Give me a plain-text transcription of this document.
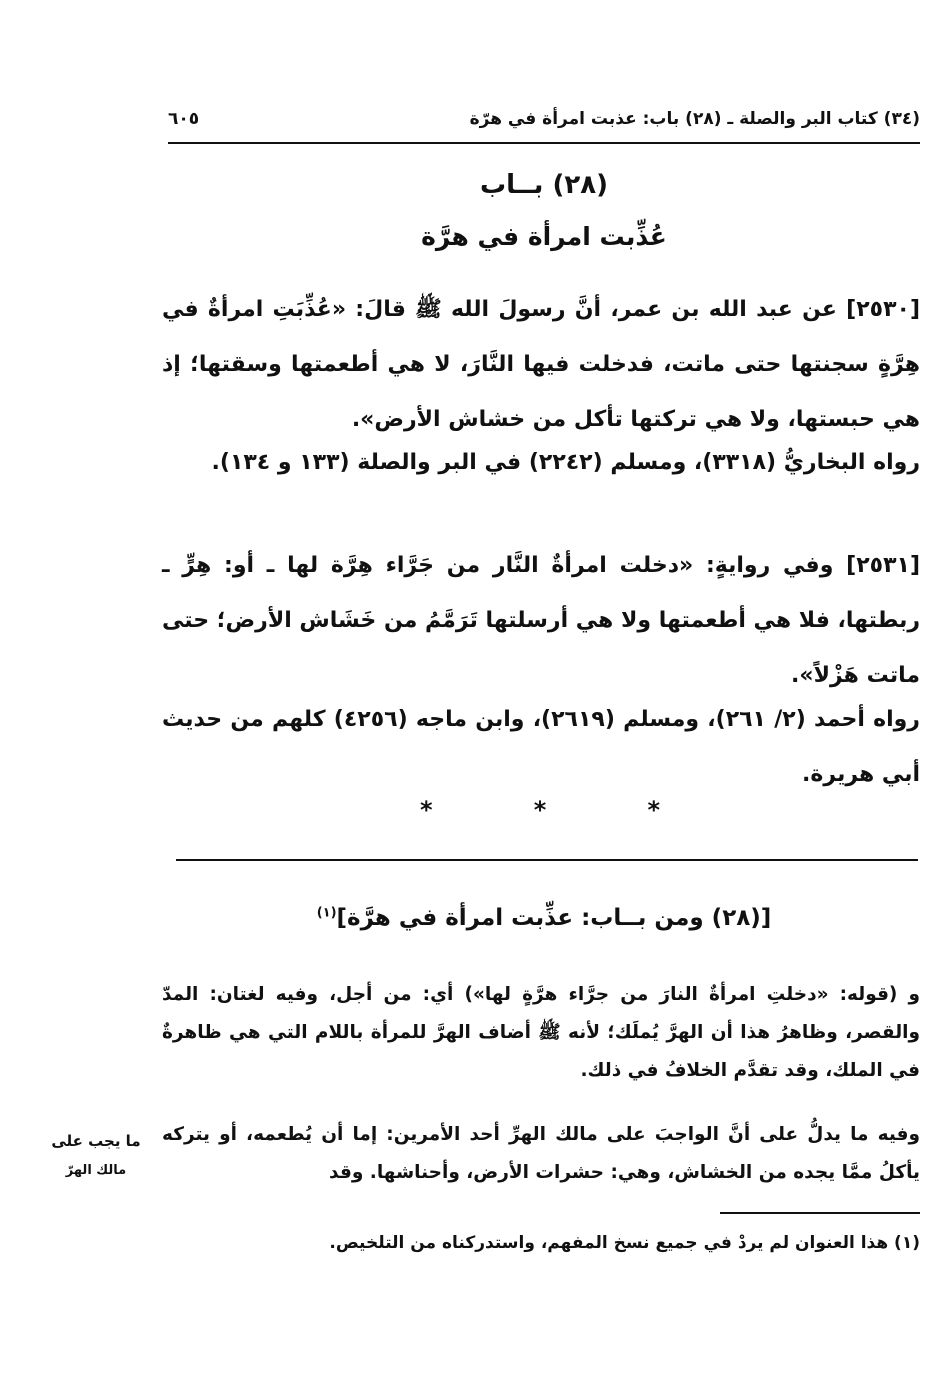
(٣٤) كتاب البر والصلة ـ (٢٨) باب: عذبت امرأة في هرّة
٦٠٥
(٢٨) بــاب
عُذِّبت امرأة في هرَّة

[٢٥٣٠] عن عبد الله بن عمر، أنَّ رسولَ الله ﷺ قالَ: «عُذِّبَتِ امرأةٌ في هِرَّةٍ سجنتها حتى ماتت، فدخلت فيها النَّارَ، لا هي أطعمتها وسقتها؛ إذ هي حبستها، ولا هي تركتها تأكل من خشاش الأرض».

رواه البخاريُّ (٣٣١٨)، ومسلم (٢٢٤٢) في البر والصلة (١٣٣ و ١٣٤).

[٢٥٣١] وفي روايةٍ: «دخلت امرأةٌ النَّار من جَرَّاء هِرَّة لها ـ أو: هِرٍّ ـ ربطتها، فلا هي أطعمتها ولا هي أرسلتها تَرَمَّمُ من خَشَاش الأرض؛ حتى ماتت هَزْلاً».

رواه أحمد (٢/ ٢٦١)، ومسلم (٢٦١٩)، وابن ماجه (٤٢٥٦) كلهم من حديث أبي هريرة.

*
*
*
[(٢٨) ومن بــاب: عذِّبت امرأة في هرَّة]$^{(١)}$

و (قوله: «دخلتِ امرأةٌ النارَ من جرَّاء هرَّةٍ لها») أي: من أجل، وفيه لغتان: المدّ والقصر، وظاهرُ هذا أن الهرَّ يُملَك؛ لأنه ﷺ أضاف الهرَّ للمرأة باللام التي هي ظاهرةٌ في الملك، وقد تقدَّم الخلافُ في ذلك.

وفيه ما يدلُّ على أنَّ الواجبَ على مالك الهرِّ أحد الأمرين: إما أن يُطعمه، أو يتركه يأكلُ ممَّا يجده من الخشاش، وهي: حشرات الأرض، وأحناشها. وقد

ما يجب على
مالك الهرّ
(١) هذا العنوان لم يردْ في جميع نسخ المفهم، واستدركناه من التلخيص.
